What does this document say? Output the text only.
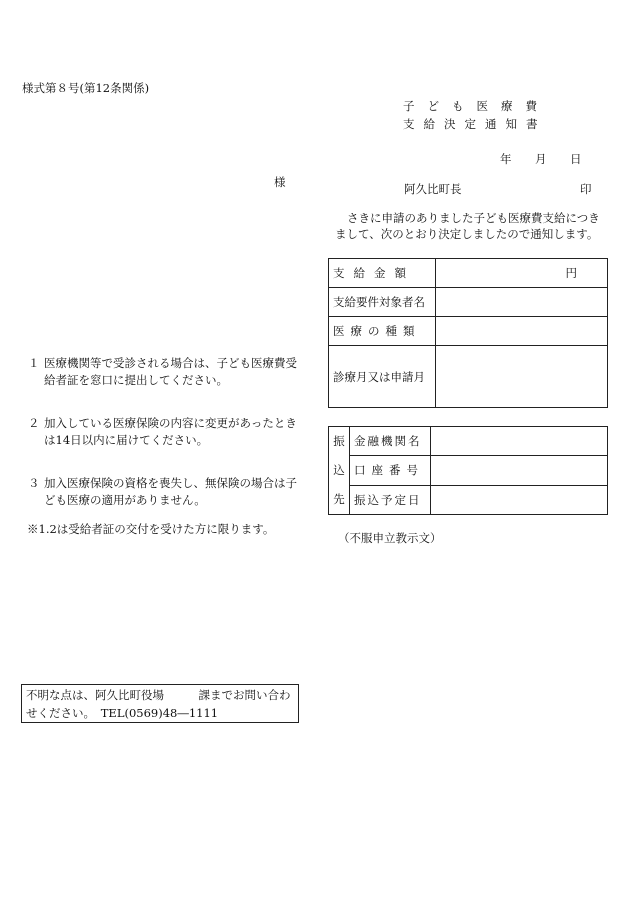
様式第８号(第12条関係)
子ども医療費
支給決定通知書
年 月 日
様	阿久比町長	印
さきに申請のありました子ども医療費支給につき
まして、次のとおり決定しましたので通知します。
支給金額	円
支給要件対象者名	
医療の種類	
診療月又は申請月	
振
込
先	金融機関名	
	口座番号	
	振込予定日	
（不服申立教示文）
１ 医療機関等で受診される場合は、子ども医療費受給者証を窓口に提出してください。
２ 加入している医療保険の内容に変更があったときは14日以内に届けてください。
３ 加入医療保険の資格を喪失し、無保険の場合は子ども医療の適用がありません。
※1.2は受給者証の交付を受けた方に限ります。
不明な点は、阿久比町役場　　　課までお問い合わ
せください。　TEL(0569)48―1111
